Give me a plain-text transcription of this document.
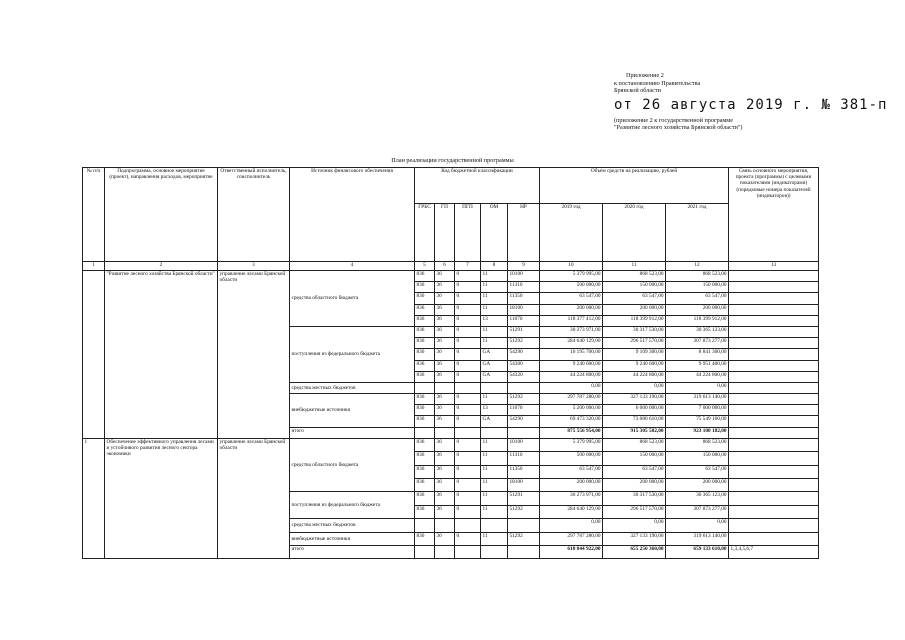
Приложение 2
к постановлению Правительства
Брянской области
от 26 августа 2019 г. № 381-п
(приложение 2 к государственной программе
"Развитие лесного хозяйства Брянской области")
План реализации государственной программы
№ п/п	Подпрограмма, основное мероприятие (проект), направления расходов, мероприятие	Ответственный исполнитель, соисполнитель	Источник финансового обеспечения	Код бюджетной классификации					Объем средств на реализацию, рублей			Связь основного мероприятия, проекта (программы) с целевыми показателями (индикаторами) (порядковые номера показателей (индикаторов))
				ГРБС	ГП	ПГП	ОМ	НР	2019 год	2020 год	2021 год	
1	2	3	4	5	6	7	8	9	10	11	12	13
	"Развитие лесного хозяйства Брянской области"	управление лесами Брянской области	средства областного бюджета	836	36	0	11	10100	5 379 995,00	868 523,00	868 523,00	
				836	36	0	11	11310	500 000,00	150 000,00	150 000,00	
				836	36	0	11	11350	63 547,00	63 547,00	63 547,00	
				836	36	0	11	18100	200 000,00	200 000,00	200 000,00	
				836	36	0	13	11070	118 377 412,00	118 399 912,00	118 399 912,00	
			поступления из федерального бюджета	836	36	0	11	51291	30 273 971,00	30 317 530,00	30 365 123,00	
				836	36	0	11	51292	284 640 129,00	296 517 570,00	307 873 277,00	
				836	36	0	GA	54290	10 195 700,00	9 109 300,00	8 841 300,00	
				836	36	0	GA	54300	9 240 600,00	9 240 600,00	9 951 400,00	
				836	36	0	GA	54320	44 224 800,00	44 224 800,00	44 224 800,00	
			средства местных бюджетов						0,00	0,00	0,00	
			внебюджетные источники	836	36	0	11	51292	297 787 280,00	327 133 190,00	319 613 140,00	
				836	36	0	13	11070	5 200 000,00	6 000 000,00	7 000 000,00	
				836	36	0	GA	54290	69 473 320,00	73 080 610,00	75 549 160,00	
			итого						875 556 954,00	915 305 582,00	923 100 182,00	
1	Обеспечение эффективного управления лесами и устойчивого развития лесного сектора экономики	управление лесами Брянской области	средства областного бюджета	836	36	0	11	10100	5 379 995,00	868 523,00	868 523,00	
				836	36	0	11	11310	500 000,00	150 000,00	150 000,00	
				836	36	0	11	11350	63 547,00	63 547,00	63 547,00	
				836	36	0	11	18100	200 000,00	200 000,00	200 000,00	
			поступления из федерального бюджета	836	36	0	11	51291	30 273 971,00	30 317 530,00	30 365 123,00	
				836	36	0	11	51292	284 640 129,00	296 517 570,00	307 873 277,00	
			средства местных бюджетов						0,00	0,00	0,00	
			внебюджетные источники	836	36	0	11	51292	297 787 280,00	327 133 190,00	319 613 140,00	
			итого						618 844 922,00	655 250 360,00	659 133 610,00	1,3,4,5,6,7
